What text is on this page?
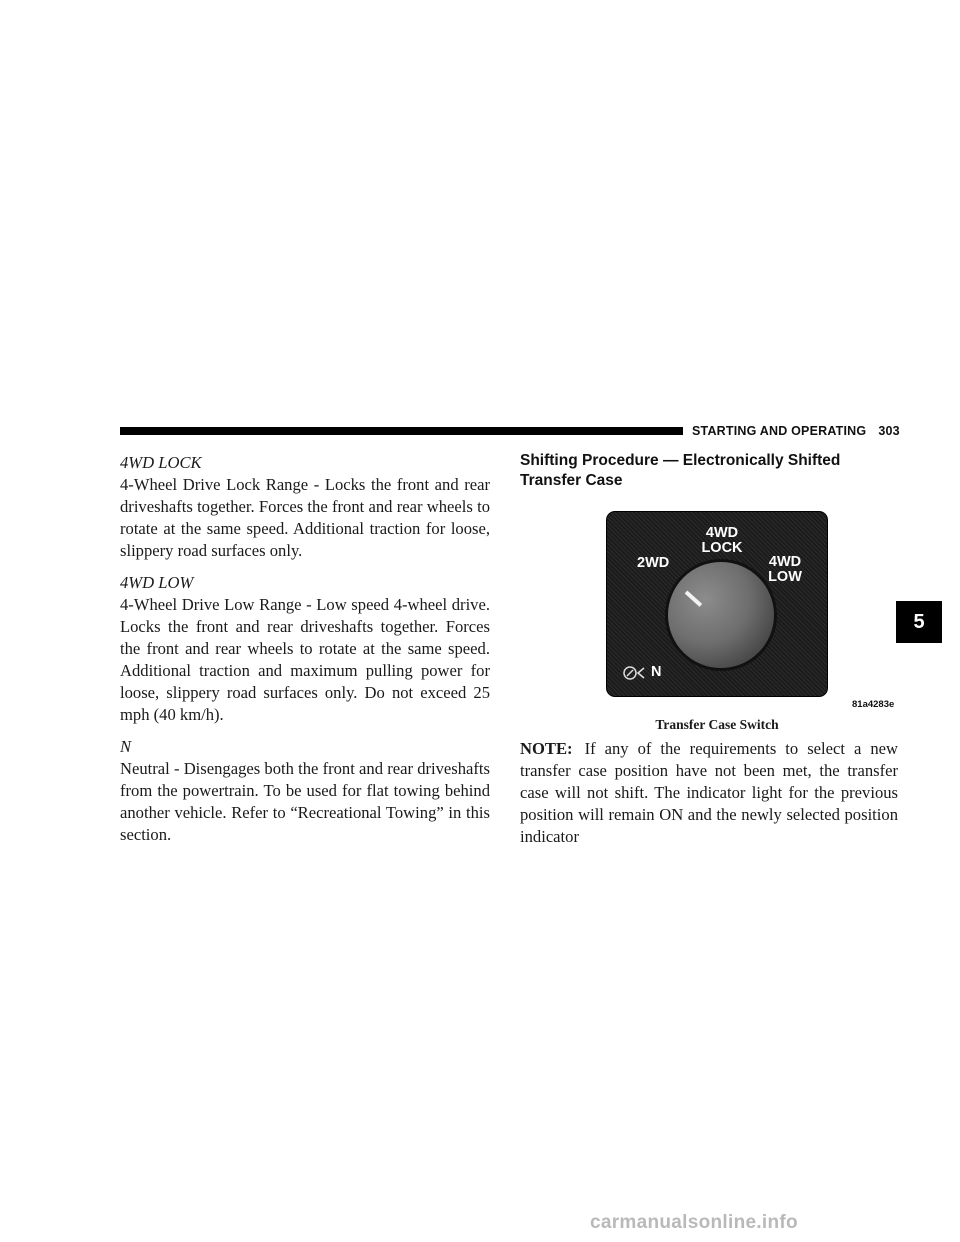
STARTING AND OPERATING 303
4WD LOCK

4-Wheel Drive Lock Range - Locks the front and rear driveshafts together. Forces the front and rear wheels to rotate at the same speed. Additional traction for loose, slippery road surfaces only.

4WD LOW

4-Wheel Drive Low Range - Low speed 4-wheel drive. Locks the front and rear driveshafts together. Forces the front and rear wheels to rotate at the same speed. Additional traction and maximum pulling power for loose, slippery road surfaces only. Do not exceed 25 mph (40 km/h).

N

Neutral - Disengages both the front and rear driveshafts from the powertrain. To be used for flat towing behind another vehicle. Refer to “Recreational Towing” in this section.

Shifting Procedure — Electronically Shifted Transfer Case
4WD
LOCK
2WD	4WD
LOW
N
81a4283e
Transfer Case Switch

NOTE: If any of the requirements to select a new transfer case position have not been met, the transfer case will not shift. The indicator light for the previous position will remain ON and the newly selected position indicator

5
carmanualsonline.info
